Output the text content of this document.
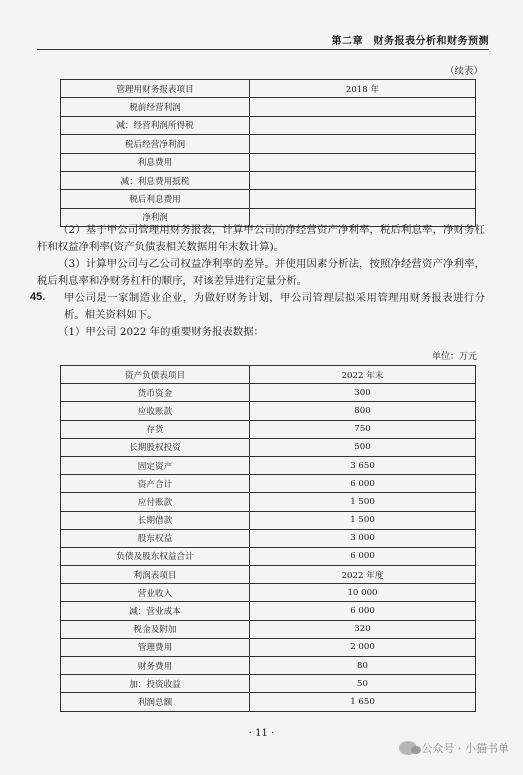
第二章　财务报表分析和财务预测
（续表）
管理用财务报表项目	2018 年
税前经营利润	
减：经营利润所得税	
税后经营净利润	
利息费用	
减：利息费用抵税	
税后利息费用	
净利润	
（2）基于甲公司管理用财务报表，计算甲公司的净经营资产净利率，税后利息率，净财务杠杆和权益净利率(资产负债表相关数据用年末数计算)。
（3）计算甲公司与乙公司权益净利率的差异。并使用因素分析法，按照净经营资产净利率，税后利息率和净财务杠杆的顺序，对该差异进行定量分析。
45. 甲公司是一家制造业企业，为做好财务计划，甲公司管理层拟采用管理用财务报表进行分析。相关资料如下。
（1）甲公司 2022 年的重要财务报表数据：
单位：万元
资产负债表项目	2022 年末
货币资金	300
应收账款	800
存货	750
长期股权投资	500
固定资产	3 650
资产合计	6 000
应付账款	1 500
长期借款	1 500
股东权益	3 000
负债及股东权益合计	6 000
利润表项目	2022 年度
营业收入	10 000
减：营业成本	6 000
税金及附加	320
管理费用	2 000
财务费用	80
加：投资收益	50
利润总额	1 650
· 11 ·
公众号 · 小猫书单
